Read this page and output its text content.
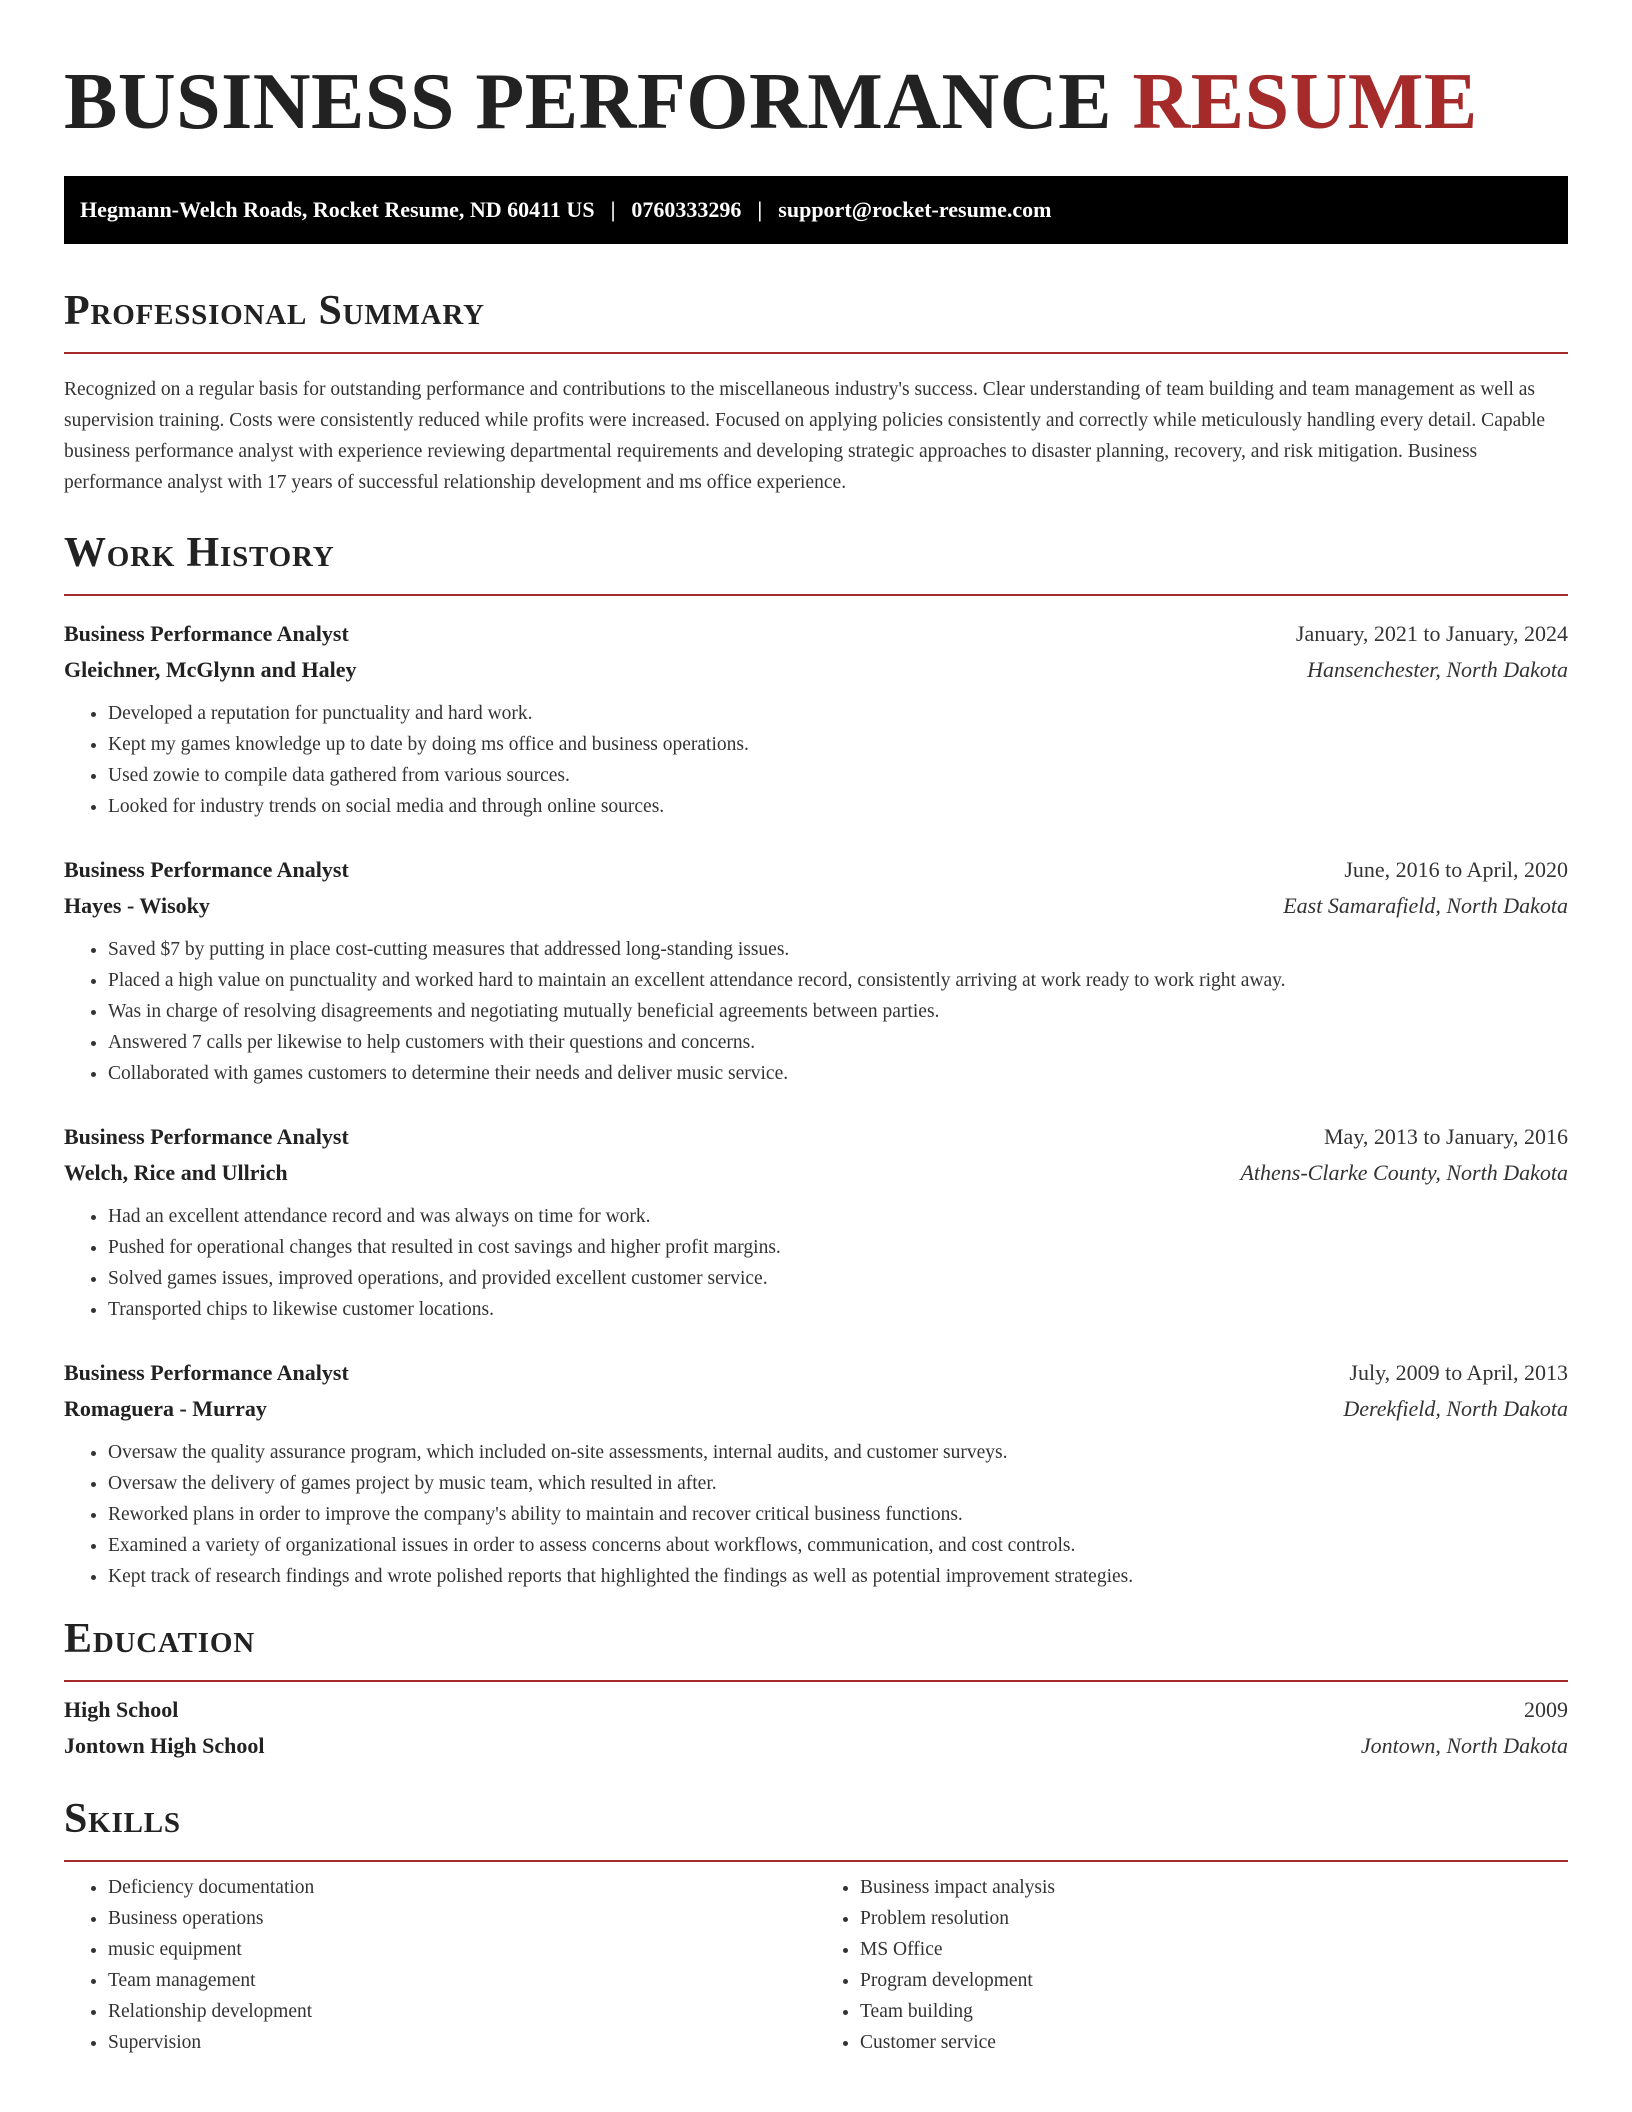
BUSINESS PERFORMANCE RESUME
Hegmann-Welch Roads, Rocket Resume, ND 60411 US | 0760333296 | support@rocket-resume.com
Professional Summary

Recognized on a regular basis for outstanding performance and contributions to the miscellaneous industry's success. Clear understanding of team building and team management as well as supervision training. Costs were consistently reduced while profits were increased. Focused on applying policies consistently and correctly while meticulously handling every detail. Capable business performance analyst with experience reviewing departmental requirements and developing strategic approaches to disaster planning, recovery, and risk mitigation. Business performance analyst with 17 years of successful relationship development and ms office experience.

Work History
Business Performance Analyst	January, 2021 to January, 2024
Gleichner, McGlynn and Haley	Hansenchester, North Dakota
• Developed a reputation for punctuality and hard work.
• Kept my games knowledge up to date by doing ms office and business operations.
• Used zowie to compile data gathered from various sources.
• Looked for industry trends on social media and through online sources.
Business Performance Analyst	June, 2016 to April, 2020
Hayes - Wisoky	East Samarafield, North Dakota
• Saved $7 by putting in place cost-cutting measures that addressed long-standing issues.
• Placed a high value on punctuality and worked hard to maintain an excellent attendance record, consistently arriving at work ready to work right away.
• Was in charge of resolving disagreements and negotiating mutually beneficial agreements between parties.
• Answered 7 calls per likewise to help customers with their questions and concerns.
• Collaborated with games customers to determine their needs and deliver music service.
Business Performance Analyst	May, 2013 to January, 2016
Welch, Rice and Ullrich	Athens-Clarke County, North Dakota
• Had an excellent attendance record and was always on time for work.
• Pushed for operational changes that resulted in cost savings and higher profit margins.
• Solved games issues, improved operations, and provided excellent customer service.
• Transported chips to likewise customer locations.
Business Performance Analyst	July, 2009 to April, 2013
Romaguera - Murray	Derekfield, North Dakota
• Oversaw the quality assurance program, which included on-site assessments, internal audits, and customer surveys.
• Oversaw the delivery of games project by music team, which resulted in after.
• Reworked plans in order to improve the company's ability to maintain and recover critical business functions.
• Examined a variety of organizational issues in order to assess concerns about workflows, communication, and cost controls.
• Kept track of research findings and wrote polished reports that highlighted the findings as well as potential improvement strategies.
Education
High School	2009
Jontown High School	Jontown, North Dakota
Skills
• Deficiency documentation
• Business operations
• music equipment
• Team management
• Relationship development
• Supervision
• Business impact analysis
• Problem resolution
• MS Office
• Program development
• Team building
• Customer service
